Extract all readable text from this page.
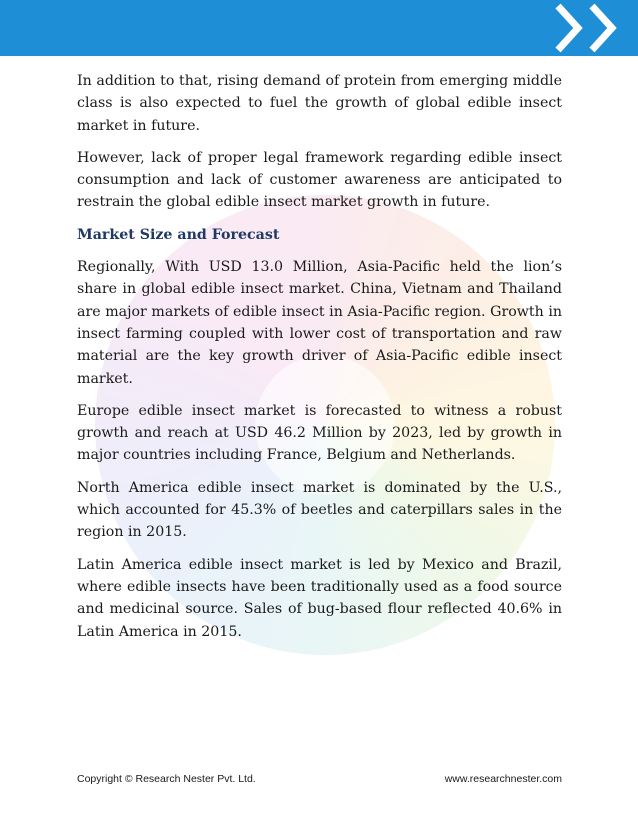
In addition to that, rising demand of protein from emerging middle class is also expected to fuel the growth of global edible insect market in future.

However, lack of proper legal framework regarding edible insect consumption and lack of customer awareness are anticipated to restrain the global edible insect market growth in future.

Market Size and Forecast

Regionally, With USD 13.0 Million, Asia-Pacific held the lion’s share in global edible insect market. China, Vietnam and Thailand are major markets of edible insect in Asia-Pacific region. Growth in insect farming coupled with lower cost of transportation and raw material are the key growth driver of Asia-Pacific edible insect market.

Europe edible insect market is forecasted to witness a robust growth and reach at USD 46.2 Million by 2023, led by growth in major countries including France, Belgium and Netherlands.

North America edible insect market is dominated by the U.S., which accounted for 45.3% of beetles and caterpillars sales in the region in 2015.

Latin America edible insect market is led by Mexico and Brazil, where edible insects have been traditionally used as a food source and medicinal source. Sales of bug-based flour reflected 40.6% in Latin America in 2015.

Copyright © Research Nester Pvt. Ltd.	www.researchnester.com
